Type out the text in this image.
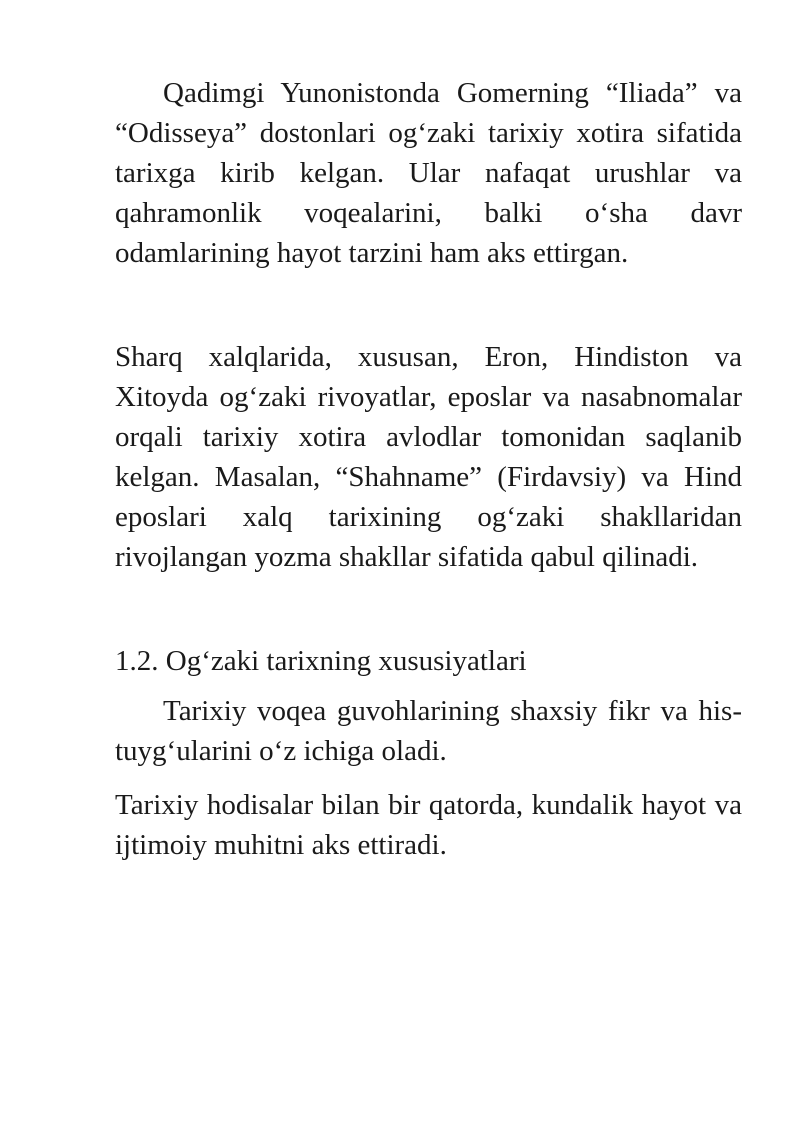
Qadimgi Yunonistonda Gomerning “Iliada” va “Odisseya” dostonlari og‘zaki tarixiy xotira sifatida tarixga kirib kelgan. Ular nafaqat urushlar va qahramonlik voqealarini, balki o‘sha davr odamlarining hayot tarzini ham aks ettirgan.

Sharq xalqlarida, xususan, Eron, Hindiston va Xitoyda og‘zaki rivoyatlar, eposlar va nasabnomalar orqali tarixiy xotira avlodlar tomonidan saqlanib kelgan. Masalan, “Shahname” (Firdavsiy) va Hind eposlari xalq tarixining og‘zaki shakllaridan rivojlangan yozma shakllar sifatida qabul qilinadi.

1.2. Og‘zaki tarixning xususiyatlari

Tarixiy voqea guvohlarining shaxsiy fikr va his-tuyg‘ularini o‘z ichiga oladi.

Tarixiy hodisalar bilan bir qatorda, kundalik hayot va ijtimoiy muhitni aks ettiradi.
